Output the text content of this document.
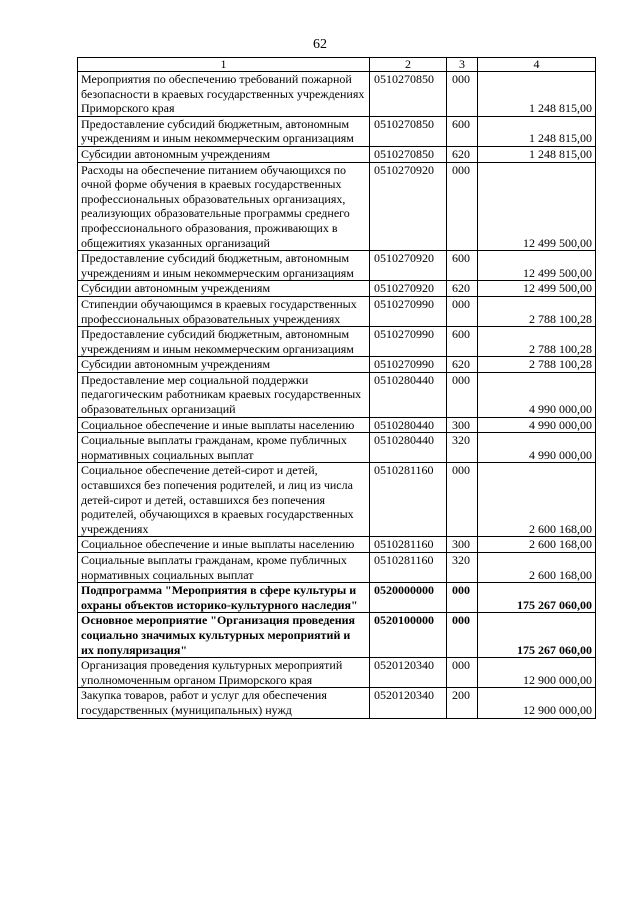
62
1	2	3	4
Мероприятия по обеспечению требований пожарной безопасности в краевых государственных учреждениях Приморского края	0510270850	000	1 248 815,00
Предоставление субсидий бюджетным, автономным учреждениям и иным некоммерческим организациям	0510270850	600	1 248 815,00
Субсидии автономным учреждениям	0510270850	620	1 248 815,00
Расходы на обеспечение питанием обучающихся по очной форме обучения в краевых государственных профессиональных образовательных организациях, реализующих образовательные программы среднего профессионального образования, проживающих в общежитиях указанных организаций	0510270920	000	12 499 500,00
Предоставление субсидий бюджетным, автономным учреждениям и иным некоммерческим организациям	0510270920	600	12 499 500,00
Субсидии автономным учреждениям	0510270920	620	12 499 500,00
Стипендии обучающимся в краевых государственных профессиональных образовательных учреждениях	0510270990	000	2 788 100,28
Предоставление субсидий бюджетным, автономным учреждениям и иным некоммерческим организациям	0510270990	600	2 788 100,28
Субсидии автономным учреждениям	0510270990	620	2 788 100,28
Предоставление мер социальной поддержки педагогическим работникам краевых государственных образовательных организаций	0510280440	000	4 990 000,00
Социальное обеспечение и иные выплаты населению	0510280440	300	4 990 000,00
Социальные выплаты гражданам, кроме публичных нормативных социальных выплат	0510280440	320	4 990 000,00
Социальное обеспечение детей-сирот и детей, оставшихся без попечения родителей, и лиц из числа детей-сирот и детей, оставшихся без попечения родителей, обучающихся в краевых государственных учреждениях	0510281160	000	2 600 168,00
Социальное обеспечение и иные выплаты населению	0510281160	300	2 600 168,00
Социальные выплаты гражданам, кроме публичных нормативных социальных выплат	0510281160	320	2 600 168,00
Подпрограмма "Мероприятия в сфере культуры и охраны объектов историко-культурного наследия"	0520000000	000	175 267 060,00
Основное мероприятие "Организация проведения социально значимых культурных мероприятий и их популяризация"	0520100000	000	175 267 060,00
Организация проведения культурных мероприятий уполномоченным органом Приморского края	0520120340	000	12 900 000,00
Закупка товаров, работ и услуг для обеспечения государственных (муниципальных) нужд	0520120340	200	12 900 000,00
